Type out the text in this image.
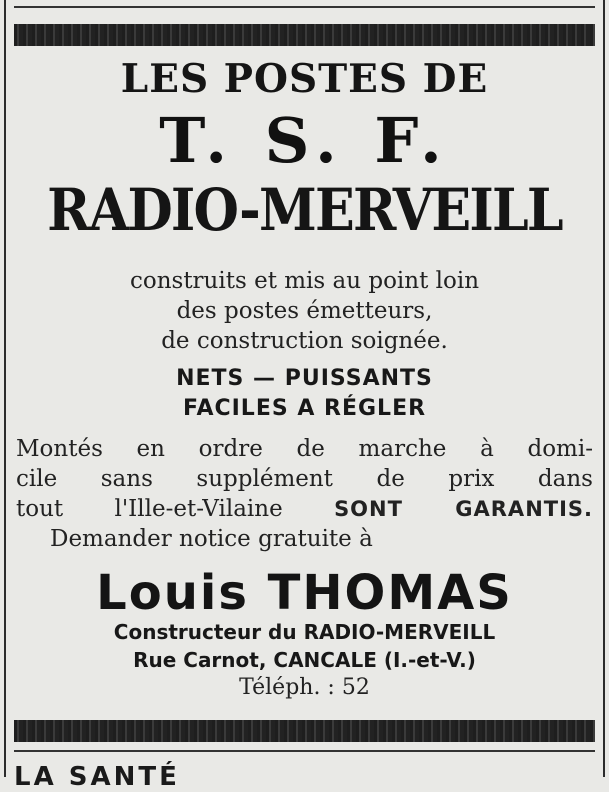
LES POSTES DE
T. S. F.
RADIO-MERVEILL
construits et mis au point loin
des postes émetteurs,
de construction soignée.
NETS — PUISSANTS
FACILES A RÉGLER
Montés en ordre de marche à domi-
cile sans supplément de prix dans
tout l'Ille-et-Vilaine SONT GARANTIS.
Demander notice gratuite à
Louis THOMAS
Constructeur du RADIO-MERVEILL
Rue Carnot, CANCALE (I.-et-V.)
Téléph. : 52
LA SANTÉ
